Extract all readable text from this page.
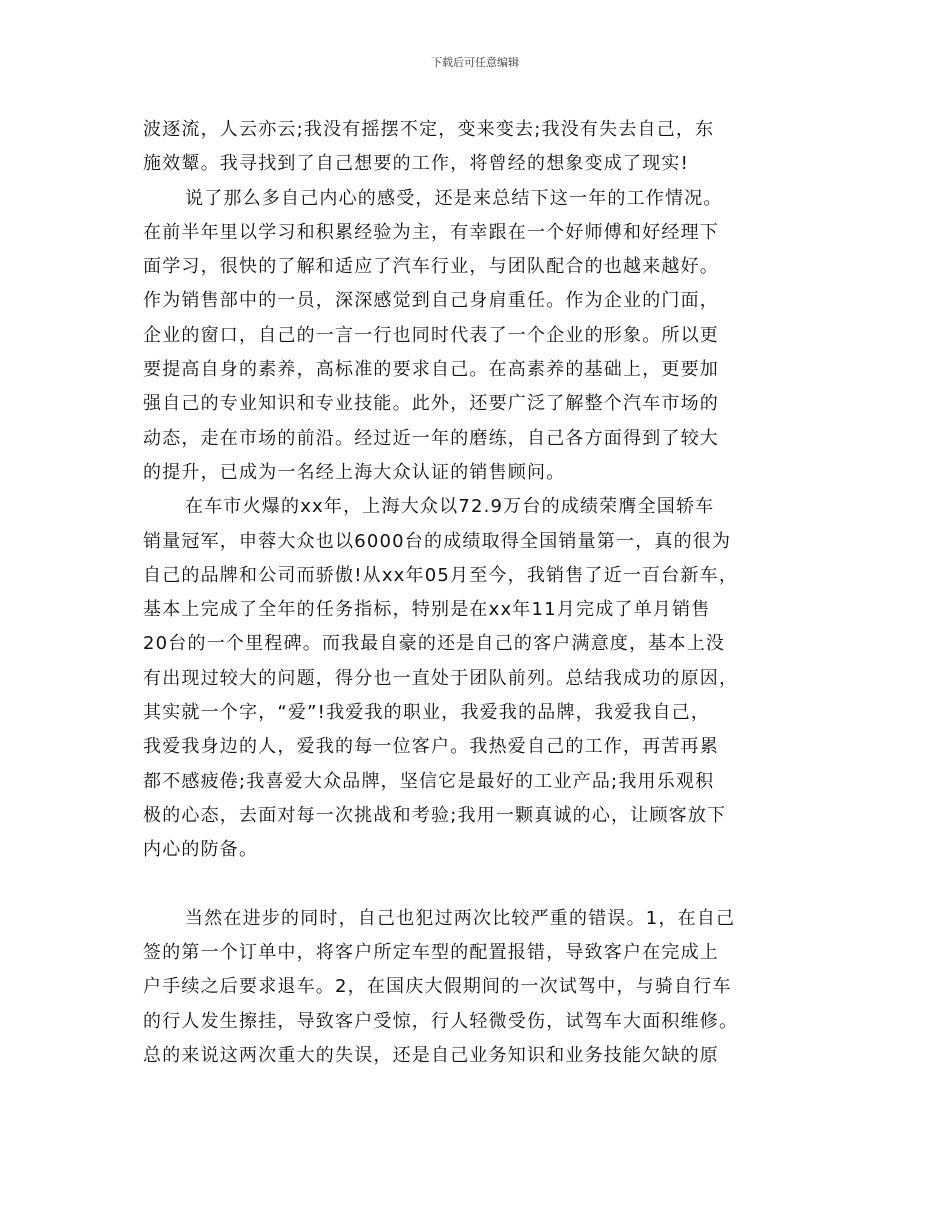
下载后可任意编辑
波逐流，人云亦云;我没有摇摆不定，变来变去;我没有失去自己，东
施效颦。我寻找到了自己想要的工作，将曾经的想象变成了现实!
说了那么多自己内心的感受，还是来总结下这一年的工作情况。
在前半年里以学习和积累经验为主，有幸跟在一个好师傅和好经理下
面学习，很快的了解和适应了汽车行业，与团队配合的也越来越好。
作为销售部中的一员，深深感觉到自己身肩重任。作为企业的门面，
企业的窗口，自己的一言一行也同时代表了一个企业的形象。所以更
要提高自身的素养，高标准的要求自己。在高素养的基础上，更要加
强自己的专业知识和专业技能。此外，还要广泛了解整个汽车市场的
动态，走在市场的前沿。经过近一年的磨练，自己各方面得到了较大
的提升，已成为一名经上海大众认证的销售顾问。
在车市火爆的xx年，上海大众以72.9万台的成绩荣膺全国轿车
销量冠军，申蓉大众也以6000台的成绩取得全国销量第一，真的很为
自己的品牌和公司而骄傲!从xx年05月至今，我销售了近一百台新车，
基本上完成了全年的任务指标，特别是在xx年11月完成了单月销售
20台的一个里程碑。而我最自豪的还是自己的客户满意度，基本上没
有出现过较大的问题，得分也一直处于团队前列。总结我成功的原因，
其实就一个字，“爱”!我爱我的职业，我爱我的品牌，我爱我自己，
我爱我身边的人，爱我的每一位客户。我热爱自己的工作，再苦再累
都不感疲倦;我喜爱大众品牌，坚信它是最好的工业产品;我用乐观积
极的心态，去面对每一次挑战和考验;我用一颗真诚的心，让顾客放下
内心的防备。
当然在进步的同时，自己也犯过两次比较严重的错误。1，在自己
签的第一个订单中，将客户所定车型的配置报错，导致客户在完成上
户手续之后要求退车。2，在国庆大假期间的一次试驾中，与骑自行车
的行人发生擦挂，导致客户受惊，行人轻微受伤，试驾车大面积维修。
总的来说这两次重大的失误，还是自己业务知识和业务技能欠缺的原
